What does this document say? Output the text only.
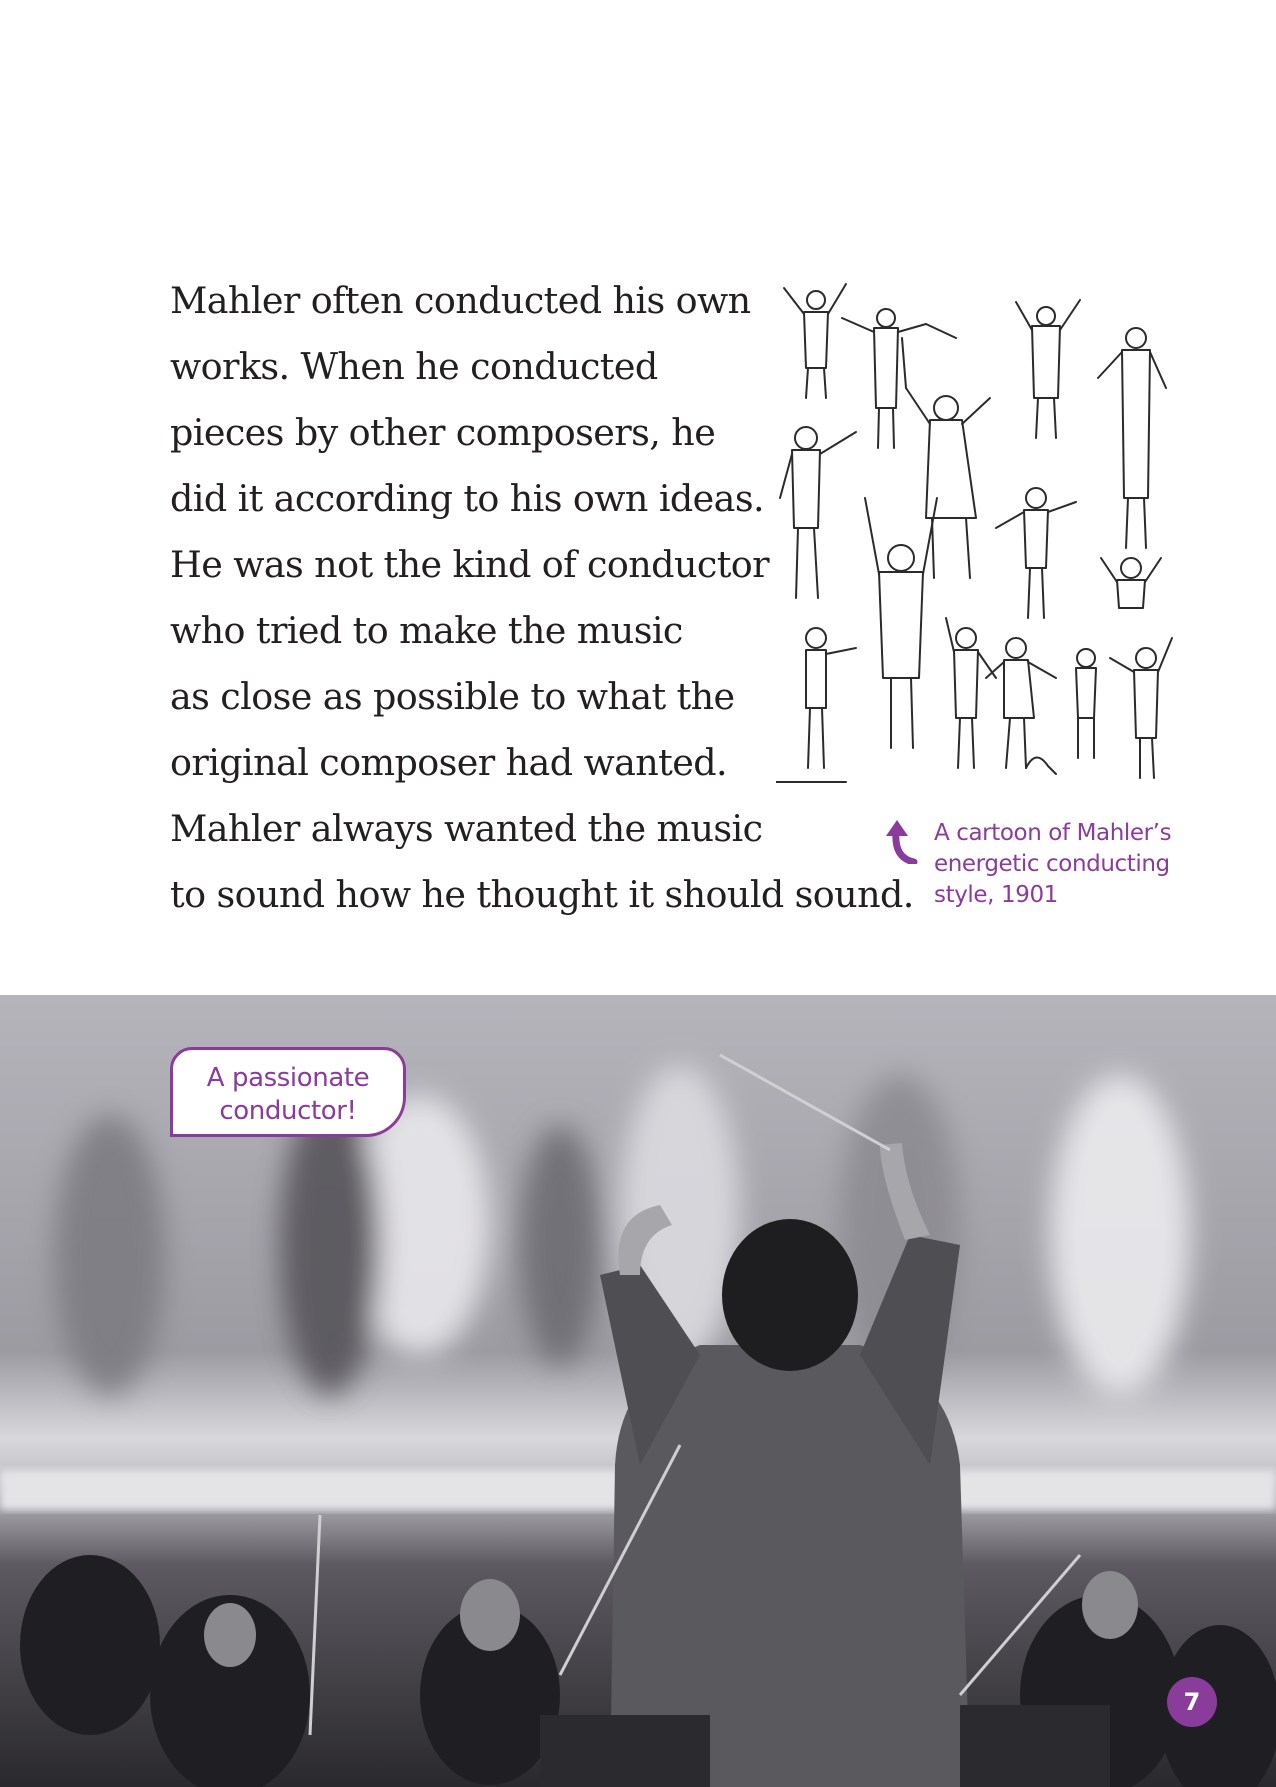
Mahler often conducted his own
works. When he conducted
pieces by other composers, he
did it according to his own ideas.
He was not the kind of conductor
who tried to make the music
as close as possible to what the
original composer had wanted.
Mahler always wanted the music
to sound how he thought it should sound.
A cartoon of Mahler’s
energetic conducting
style, 1901
A passionate
conductor!
7
